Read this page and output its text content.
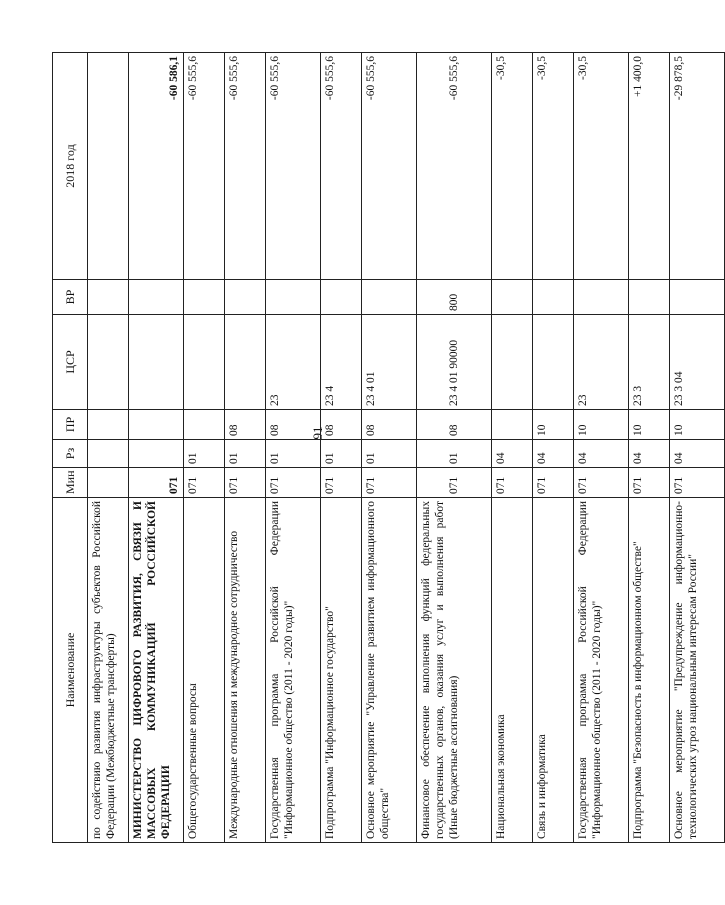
91
Наименование	Мин	Рз	ПР	ЦСР	ВР	2018 год
по содействию развития инфраструктуры субъектов Российской Федерации (Межбюджетные трансферты)						
МИНИСТЕРСТВО ЦИФРОВОГО РАЗВИТИЯ, СВЯЗИ И МАССОВЫХ КОММУНИКАЦИЙ РОССИЙСКОЙ ФЕДЕРАЦИИ	071					-60 586,1
Общегосударственные вопросы	071	01				-60 555,6
Международные отношения и международное сотрудничество	071	01	08			-60 555,6
Государственная программа Российской Федерации "Информационное общество (2011 - 2020 годы)"	071	01	08	23		-60 555,6
Подпрограмма "Информационное государство"	071	01	08	23 4		-60 555,6
Основное мероприятие "Управление развитием информационного общества"	071	01	08	23 4 01		-60 555,6
Финансовое обеспечение выполнения функций федеральных государственных органов, оказания услуг и выполнения работ (Иные бюджетные ассигнования)	071	01	08	23 4 01 90000	800	-60 555,6
Национальная экономика	071	04				-30,5
Связь и информатика	071	04	10			-30,5
Государственная программа Российской Федерации "Информационное общество (2011 - 2020 годы)"	071	04	10	23		-30,5
Подпрограмма "Безопасность в информационном обществе"	071	04	10	23 3		+1 400,0
Основное мероприятие "Предупреждение информационно-технологических угроз национальным интересам России"	071	04	10	23 3 04		-29 878,5
